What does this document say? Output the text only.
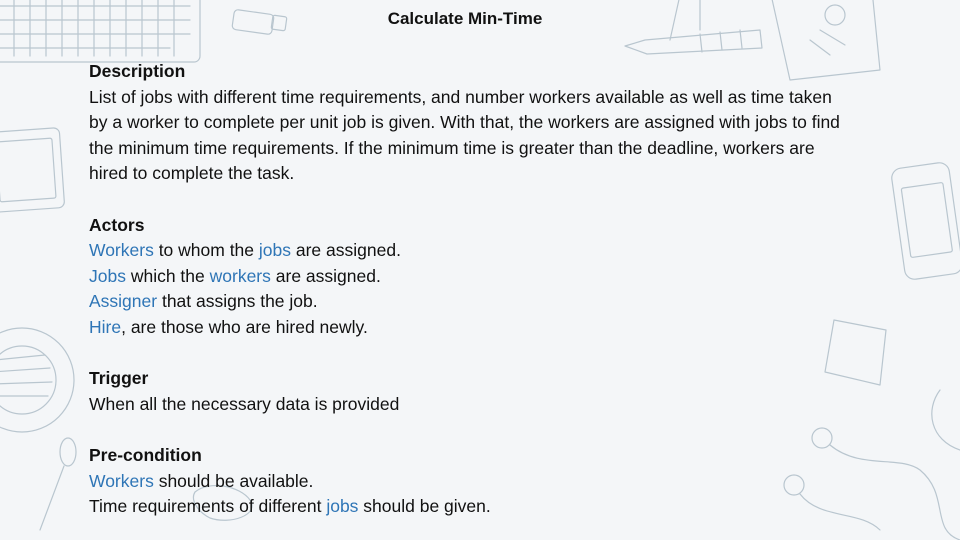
Calculate Min-Time

Description

List of jobs with different time requirements, and number workers available as well as time taken

by a worker to complete per unit job is given. With that, the workers are assigned with jobs to find

the minimum time requirements. If the minimum time is greater than the deadline, workers are

hired to complete the task.

Actors

Workers to whom the jobs are assigned.

Jobs which the workers are assigned.

Assigner that assigns the job.

Hire, are those who are hired newly.

Trigger

When all the necessary data is provided

Pre-condition

Workers should be available.

Time requirements of different jobs should be given.
